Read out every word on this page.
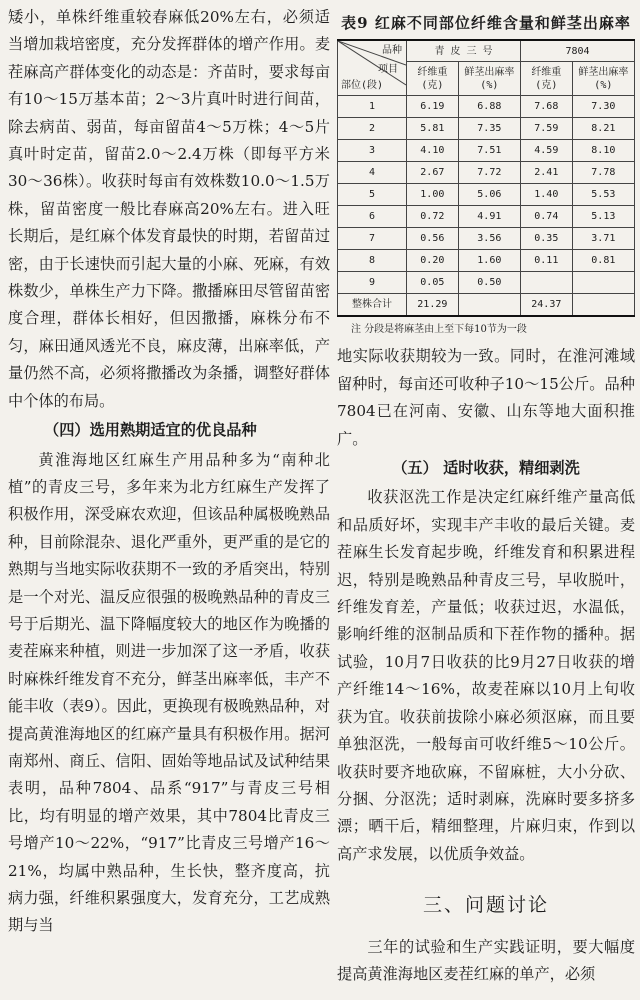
矮小，单株纤维重较春麻低20%左右，必须适当增加栽培密度，充分发挥群体的增产作用。麦茬麻高产群体变化的动态是：齐苗时，要求每亩有10～15万基本苗；2～3片真叶时进行间苗，除去病苗、弱苗，每亩留苗4～5万株；4～5片真叶时定苗，留苗2.0～2.4万株（即每平方米30～36株）。收获时每亩有效株数10.0～1.5万株，留苗密度一般比春麻高20%左右。进入旺长期后，是红麻个体发育最快的时期，若留苗过密，由于长速快而引起大量的小麻、死麻，有效株数少，单株生产力下降。撒播麻田尽管留苗密度合理，群体长相好，但因撒播，麻株分布不匀，麻田通风透光不良，麻皮薄，出麻率低，产量仍然不高，必须将撒播改为条播，调整好群体中个体的布局。

（四）选用熟期适宜的优良品种

黄淮海地区红麻生产用品种多为“南种北植”的青皮三号，多年来为北方红麻生产发挥了积极作用，深受麻农欢迎，但该品种属极晚熟品种，目前除混杂、退化严重外，更严重的是它的熟期与当地实际收获期不一致的矛盾突出，特别是一个对光、温反应很强的极晚熟品种的青皮三号于后期光、温下降幅度较大的地区作为晚播的麦茬麻来种植，则进一步加深了这一矛盾，收获时麻株纤维发育不充分，鲜茎出麻率低，丰产不能丰收（表9）。因此，更换现有极晚熟品种，对提高黄淮海地区的红麻产量具有积极作用。据河南郑州、商丘、信阳、固始等地品试及试种结果表明，品种7804、品系“917”与青皮三号相比，均有明显的增产效果，其中7804比青皮三号增产10～22%，“917”比青皮三号增产16～21%，均属中熟品种，生长快，整齐度高，抗病力强，纤维积累强度大，发育充分，工艺成熟期与当

表9 红麻不同部位纤维含量和鲜茎出麻率

品种
项目
部位(段)	青 皮 三 号		7804	
	纤维重(克)	鲜茎出麻率(%)	纤维重(克)	鲜茎出麻率(%)
1	6.19	6.88	7.68	7.30
2	5.81	7.35	7.59	8.21
3	4.10	7.51	4.59	8.10
4	2.67	7.72	2.41	7.78
5	1.00	5.06	1.40	5.53
6	0.72	4.91	0.74	5.13
7	0.56	3.56	0.35	3.71
8	0.20	1.60	0.11	0.81
9	0.05	0.50		
整株合计	21.29		24.37	

注 分段是将麻茎由上至下每10节为一段

地实际收获期较为一致。同时，在淮河滩域留种时，每亩还可收种子10～15公斤。品种7804已在河南、安徽、山东等地大面积推广。

（五） 适时收获，精细剥洗

收获沤洗工作是决定红麻纤维产量高低和品质好坏，实现丰产丰收的最后关键。麦茬麻生长发育起步晚，纤维发育和积累进程迟，特别是晚熟品种青皮三号，早收脱叶，纤维发育差，产量低；收获过迟，水温低，影响纤维的沤制品质和下茬作物的播种。据试验，10月7日收获的比9月27日收获的增产纤维14～16%，故麦茬麻以10月上旬收获为宜。收获前拔除小麻必须沤麻，而且要单独沤洗，一般每亩可收纤维5～10公斤。收获时要齐地砍麻，不留麻桩，大小分砍、分捆、分沤洗；适时剥麻，洗麻时要多挤多漂；晒干后，精细整理，片麻归束，作到以高产求发展，以优质争效益。

三、问题讨论

三年的试验和生产实践证明，要大幅度提高黄淮海地区麦茬红麻的单产，必须
